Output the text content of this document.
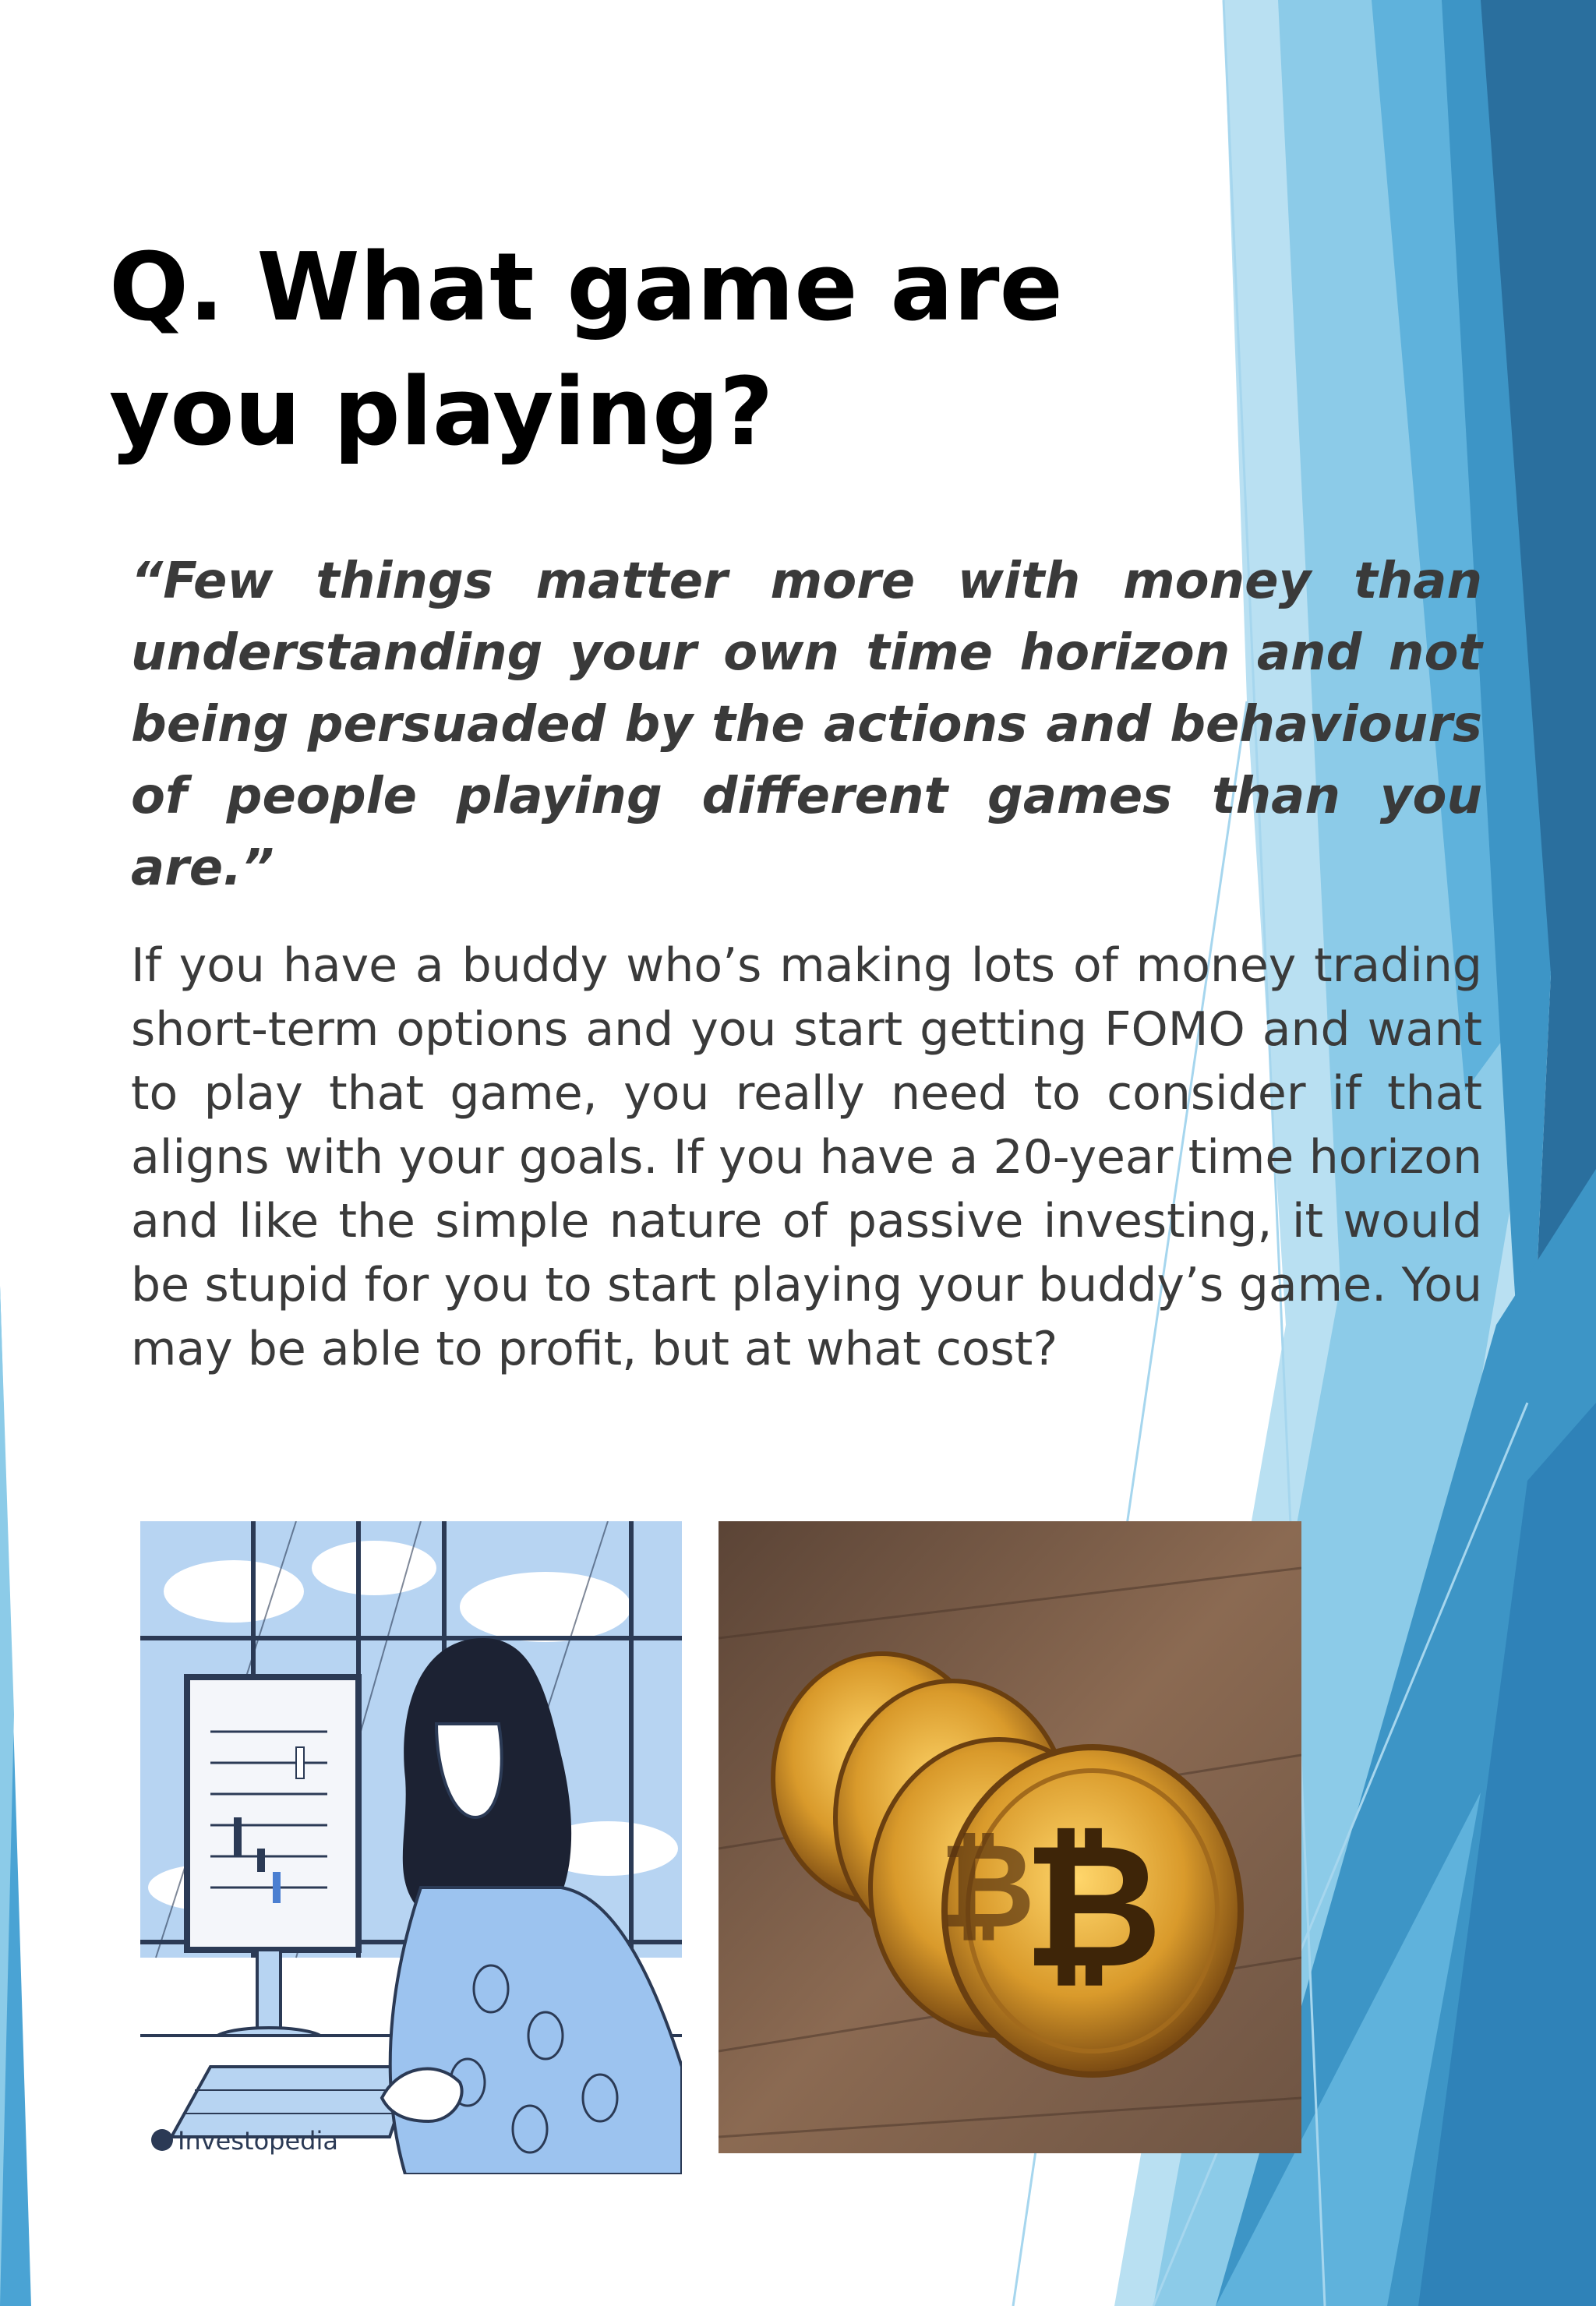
Q. What game are you playing?

“Few things matter more with money than understanding your own time horizon and not being persuaded by the actions and behaviours of people playing different games than you are.”

If you have a buddy who’s making lots of money trading short-term options and you start getting FOMO and want to play that game, you really need to consider if that aligns with your goals. If you have a 20-year time horizon and like the simple nature of passive investing, it would be stupid for you to start playing your buddy’s game. You may be able to profit, but at what cost?

Investopedia
₿
₿
